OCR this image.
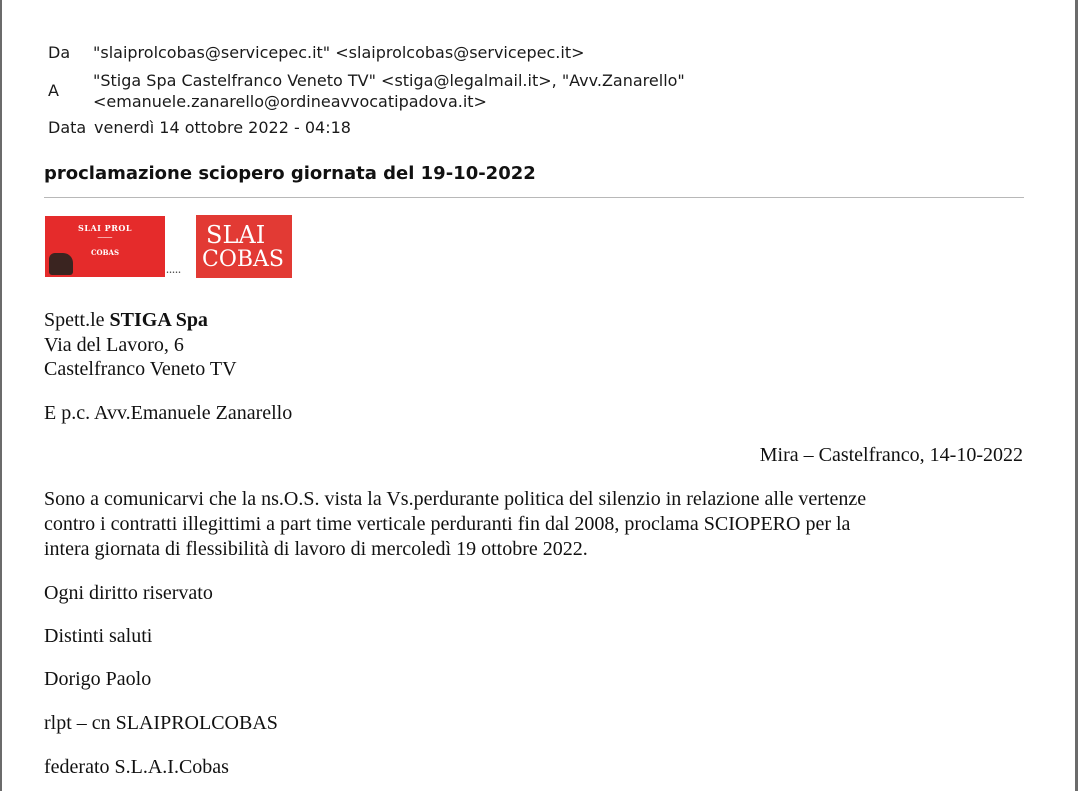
Da "slaiprolcobas@servicepec.it" <slaiprolcobas@servicepec.it>
A
"Stiga Spa Castelfranco Veneto TV" <stiga@legalmail.it>, "Avv.Zanarello"
<emanuele.zanarello@ordineavvocatipadova.it>
Data venerdì 14 ottobre 2022 - 04:18
proclamazione sciopero giornata del 19-10-2022
SLAI PROL
━━━━━━
COBAS
•••••
SLAI
COBAS
Spett.le STIGA Spa
Via del Lavoro, 6
Castelfranco Veneto TV
E p.c. Avv.Emanuele Zanarello
Mira – Castelfranco, 14-10-2022
Sono a comunicarvi che la ns.O.S. vista la Vs.perdurante politica del silenzio in relazione alle vertenze
contro i contratti illegittimi a part time verticale perduranti fin dal 2008, proclama SCIOPERO per la
intera giornata di flessibilità di lavoro di mercoledì 19 ottobre 2022.
Ogni diritto riservato
Distinti saluti
Dorigo Paolo
rlpt – cn SLAIPROLCOBAS
federato S.L.A.I.Cobas
